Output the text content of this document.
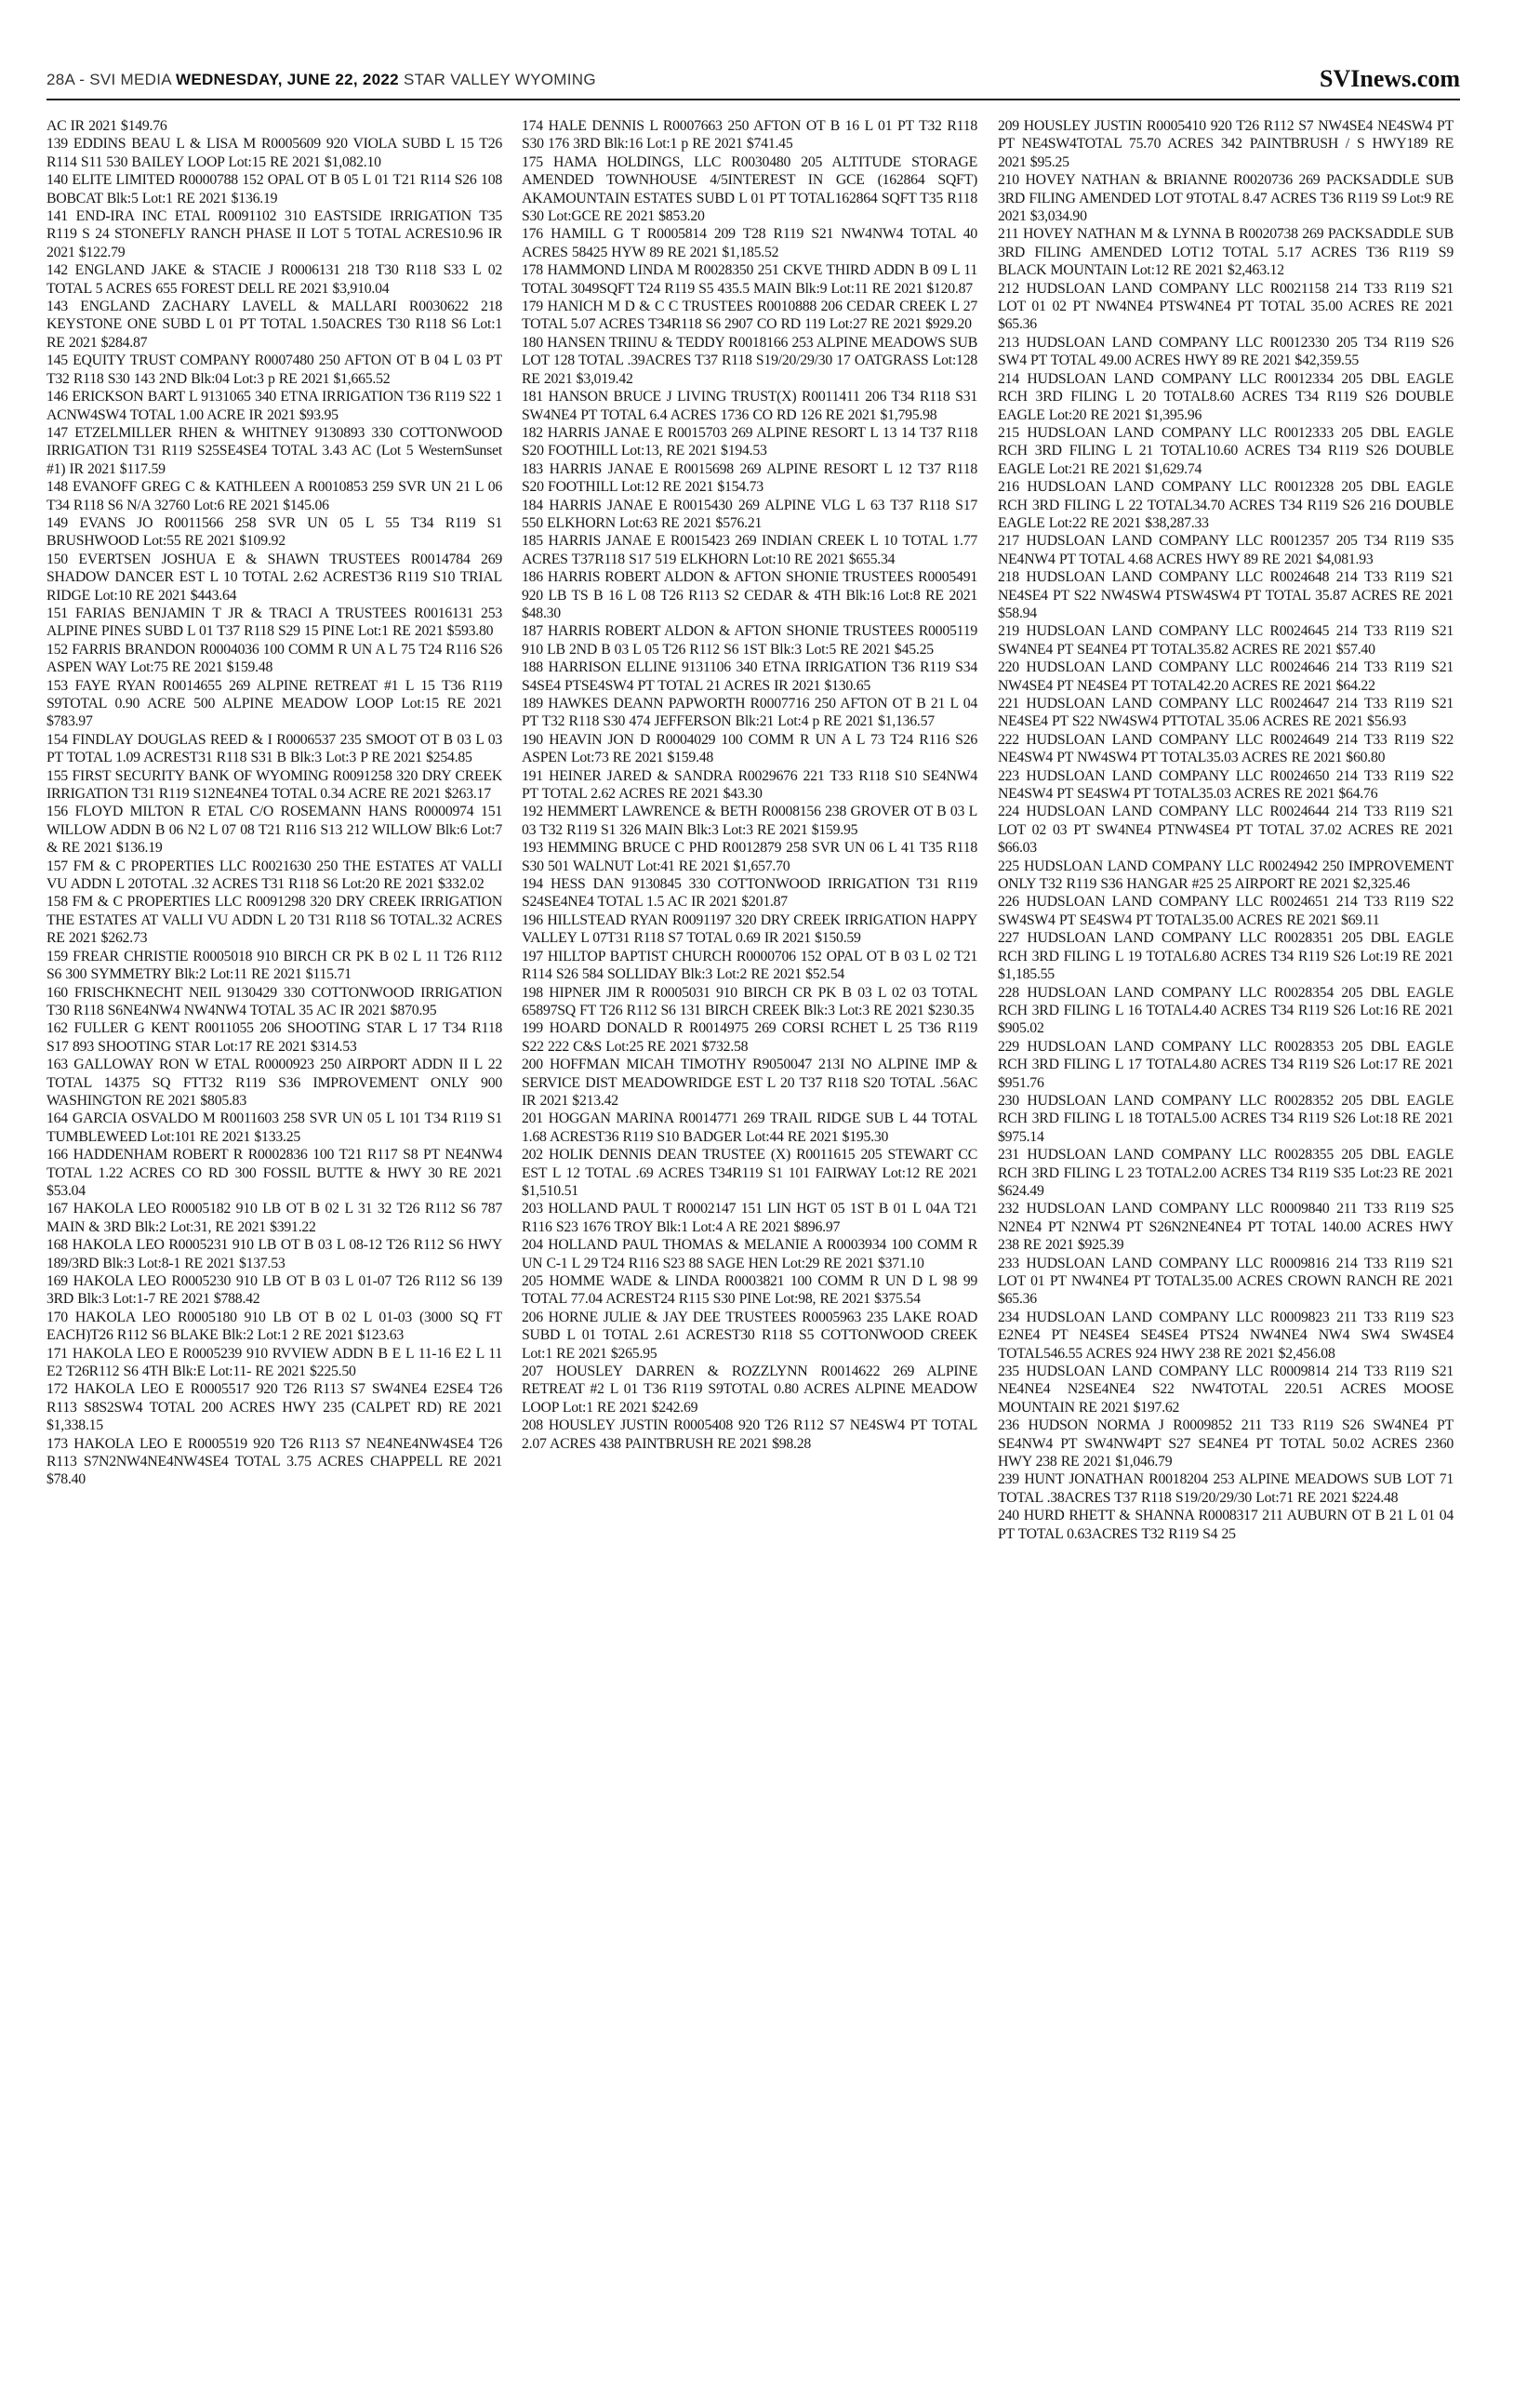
28A - SVI MEDIA WEDNESDAY, JUNE 22, 2022 STAR VALLEY WYOMING	SVInews.com

AC IR 2021 $149.76

139 EDDINS BEAU L & LISA M R0005609 920 VIOLA SUBD L 15 T26 R114 S11 530 BAILEY LOOP Lot:15 RE 2021 $1,082.10

140 ELITE LIMITED R0000788 152 OPAL OT B 05 L 01 T21 R114 S26 108 BOBCAT Blk:5 Lot:1 RE 2021 $136.19

141 END-IRA INC ETAL R0091102 310 EASTSIDE IRRIGATION T35 R119 S 24 STONEFLY RANCH PHASE II LOT 5 TOTAL ACRES10.96 IR 2021 $122.79

142 ENGLAND JAKE & STACIE J R0006131 218 T30 R118 S33 L 02 TOTAL 5 ACRES 655 FOREST DELL RE 2021 $3,910.04

143 ENGLAND ZACHARY LAVELL & MALLARI R0030622 218 KEYSTONE ONE SUBD L 01 PT TOTAL 1.50ACRES T30 R118 S6 Lot:1 RE 2021 $284.87

145 EQUITY TRUST COMPANY R0007480 250 AFTON OT B 04 L 03 PT T32 R118 S30 143 2ND Blk:04 Lot:3 p RE 2021 $1,665.52

146 ERICKSON BART L 9131065 340 ETNA IRRIGATION T36 R119 S22 1 ACNW4SW4 TOTAL 1.00 ACRE IR 2021 $93.95

147 ETZELMILLER RHEN & WHITNEY 9130893 330 COTTONWOOD IRRIGATION T31 R119 S25SE4SE4 TOTAL 3.43 AC (Lot 5 WesternSunset #1) IR 2021 $117.59

148 EVANOFF GREG C & KATHLEEN A R0010853 259 SVR UN 21 L 06 T34 R118 S6 N/A 32760 Lot:6 RE 2021 $145.06

149 EVANS JO R0011566 258 SVR UN 05 L 55 T34 R119 S1 BRUSHWOOD Lot:55 RE 2021 $109.92

150 EVERTSEN JOSHUA E & SHAWN TRUSTEES R0014784 269 SHADOW DANCER EST L 10 TOTAL 2.62 ACREST36 R119 S10 TRIAL RIDGE Lot:10 RE 2021 $443.64

151 FARIAS BENJAMIN T JR & TRACI A TRUSTEES R0016131 253 ALPINE PINES SUBD L 01 T37 R118 S29 15 PINE Lot:1 RE 2021 $593.80

152 FARRIS BRANDON R0004036 100 COMM R UN A L 75 T24 R116 S26 ASPEN WAY Lot:75 RE 2021 $159.48

153 FAYE RYAN R0014655 269 ALPINE RETREAT #1 L 15 T36 R119 S9TOTAL 0.90 ACRE 500 ALPINE MEADOW LOOP Lot:15 RE 2021 $783.97

154 FINDLAY DOUGLAS REED & I R0006537 235 SMOOT OT B 03 L 03 PT TOTAL 1.09 ACREST31 R118 S31 B Blk:3 Lot:3 P RE 2021 $254.85

155 FIRST SECURITY BANK OF WYOMING R0091258 320 DRY CREEK IRRIGATION T31 R119 S12NE4NE4 TOTAL 0.34 ACRE RE 2021 $263.17

156 FLOYD MILTON R ETAL C/O ROSEMANN HANS R0000974 151 WILLOW ADDN B 06 N2 L 07 08 T21 R116 S13 212 WILLOW Blk:6 Lot:7 & RE 2021 $136.19

157 FM & C PROPERTIES LLC R0021630 250 THE ESTATES AT VALLI VU ADDN L 20TOTAL .32 ACRES T31 R118 S6 Lot:20 RE 2021 $332.02

158 FM & C PROPERTIES LLC R0091298 320 DRY CREEK IRRIGATION THE ESTATES AT VALLI VU ADDN L 20 T31 R118 S6 TOTAL.32 ACRES RE 2021 $262.73

159 FREAR CHRISTIE R0005018 910 BIRCH CR PK B 02 L 11 T26 R112 S6 300 SYMMETRY Blk:2 Lot:11 RE 2021 $115.71

160 FRISCHKNECHT NEIL 9130429 330 COTTONWOOD IRRIGATION T30 R118 S6NE4NW4 NW4NW4 TOTAL 35 AC IR 2021 $870.95

162 FULLER G KENT R0011055 206 SHOOTING STAR L 17 T34 R118 S17 893 SHOOTING STAR Lot:17 RE 2021 $314.53

163 GALLOWAY RON W ETAL R0000923 250 AIRPORT ADDN II L 22 TOTAL 14375 SQ FTT32 R119 S36 IMPROVEMENT ONLY 900 WASHINGTON RE 2021 $805.83

164 GARCIA OSVALDO M R0011603 258 SVR UN 05 L 101 T34 R119 S1 TUMBLEWEED Lot:101 RE 2021 $133.25

166 HADDENHAM ROBERT R R0002836 100 T21 R117 S8 PT NE4NW4 TOTAL 1.22 ACRES CO RD 300 FOSSIL BUTTE & HWY 30 RE 2021 $53.04

167 HAKOLA LEO R0005182 910 LB OT B 02 L 31 32 T26 R112 S6 787 MAIN & 3RD Blk:2 Lot:31, RE 2021 $391.22

168 HAKOLA LEO R0005231 910 LB OT B 03 L 08-12 T26 R112 S6 HWY 189/3RD Blk:3 Lot:8-1 RE 2021 $137.53

169 HAKOLA LEO R0005230 910 LB OT B 03 L 01-07 T26 R112 S6 139 3RD Blk:3 Lot:1-7 RE 2021 $788.42

170 HAKOLA LEO R0005180 910 LB OT B 02 L 01-03 (3000 SQ FT EACH)T26 R112 S6 BLAKE Blk:2 Lot:1 2 RE 2021 $123.63

171 HAKOLA LEO E R0005239 910 RVVIEW ADDN B E L 11-16 E2 L 11 E2 T26R112 S6 4TH Blk:E Lot:11- RE 2021 $225.50

172 HAKOLA LEO E R0005517 920 T26 R113 S7 SW4NE4 E2SE4 T26 R113 S8S2SW4 TOTAL 200 ACRES HWY 235 (CALPET RD) RE 2021 $1,338.15

173 HAKOLA LEO E R0005519 920 T26 R113 S7 NE4NE4NW4SE4 T26 R113 S7N2NW4NE4NW4SE4 TOTAL 3.75 ACRES CHAPPELL RE 2021 $78.40

174 HALE DENNIS L R0007663 250 AFTON OT B 16 L 01 PT T32 R118 S30 176 3RD Blk:16 Lot:1 p RE 2021 $741.45

175 HAMA HOLDINGS, LLC R0030480 205 ALTITUDE STORAGE AMENDED TOWNHOUSE 4/5INTEREST IN GCE (162864 SQFT) AKAMOUNTAIN ESTATES SUBD L 01 PT TOTAL162864 SQFT T35 R118 S30 Lot:GCE RE 2021 $853.20

176 HAMILL G T R0005814 209 T28 R119 S21 NW4NW4 TOTAL 40 ACRES 58425 HYW 89 RE 2021 $1,185.52

178 HAMMOND LINDA M R0028350 251 CKVE THIRD ADDN B 09 L 11 TOTAL 3049SQFT T24 R119 S5 435.5 MAIN Blk:9 Lot:11 RE 2021 $120.87

179 HANICH M D & C C TRUSTEES R0010888 206 CEDAR CREEK L 27 TOTAL 5.07 ACRES T34R118 S6 2907 CO RD 119 Lot:27 RE 2021 $929.20

180 HANSEN TRIINU & TEDDY R0018166 253 ALPINE MEADOWS SUB LOT 128 TOTAL .39ACRES T37 R118 S19/20/29/30 17 OATGRASS Lot:128 RE 2021 $3,019.42

181 HANSON BRUCE J LIVING TRUST(X) R0011411 206 T34 R118 S31 SW4NE4 PT TOTAL 6.4 ACRES 1736 CO RD 126 RE 2021 $1,795.98

182 HARRIS JANAE E R0015703 269 ALPINE RESORT L 13 14 T37 R118 S20 FOOTHILL Lot:13, RE 2021 $194.53

183 HARRIS JANAE E R0015698 269 ALPINE RESORT L 12 T37 R118 S20 FOOTHILL Lot:12 RE 2021 $154.73

184 HARRIS JANAE E R0015430 269 ALPINE VLG L 63 T37 R118 S17 550 ELKHORN Lot:63 RE 2021 $576.21

185 HARRIS JANAE E R0015423 269 INDIAN CREEK L 10 TOTAL 1.77 ACRES T37R118 S17 519 ELKHORN Lot:10 RE 2021 $655.34

186 HARRIS ROBERT ALDON & AFTON SHONIE TRUSTEES R0005491 920 LB TS B 16 L 08 T26 R113 S2 CEDAR & 4TH Blk:16 Lot:8 RE 2021 $48.30

187 HARRIS ROBERT ALDON & AFTON SHONIE TRUSTEES R0005119 910 LB 2ND B 03 L 05 T26 R112 S6 1ST Blk:3 Lot:5 RE 2021 $45.25

188 HARRISON ELLINE 9131106 340 ETNA IRRIGATION T36 R119 S34 S4SE4 PTSE4SW4 PT TOTAL 21 ACRES IR 2021 $130.65

189 HAWKES DEANN PAPWORTH R0007716 250 AFTON OT B 21 L 04 PT T32 R118 S30 474 JEFFERSON Blk:21 Lot:4 p RE 2021 $1,136.57

190 HEAVIN JON D R0004029 100 COMM R UN A L 73 T24 R116 S26 ASPEN Lot:73 RE 2021 $159.48

191 HEINER JARED & SANDRA R0029676 221 T33 R118 S10 SE4NW4 PT TOTAL 2.62 ACRES RE 2021 $43.30

192 HEMMERT LAWRENCE & BETH R0008156 238 GROVER OT B 03 L 03 T32 R119 S1 326 MAIN Blk:3 Lot:3 RE 2021 $159.95

193 HEMMING BRUCE C PHD R0012879 258 SVR UN 06 L 41 T35 R118 S30 501 WALNUT Lot:41 RE 2021 $1,657.70

194 HESS DAN 9130845 330 COTTONWOOD IRRIGATION T31 R119 S24SE4NE4 TOTAL 1.5 AC IR 2021 $201.87

196 HILLSTEAD RYAN R0091197 320 DRY CREEK IRRIGATION HAPPY VALLEY L 07T31 R118 S7 TOTAL 0.69 IR 2021 $150.59

197 HILLTOP BAPTIST CHURCH R0000706 152 OPAL OT B 03 L 02 T21 R114 S26 584 SOLLIDAY Blk:3 Lot:2 RE 2021 $52.54

198 HIPNER JIM R R0005031 910 BIRCH CR PK B 03 L 02 03 TOTAL 65897SQ FT T26 R112 S6 131 BIRCH CREEK Blk:3 Lot:3 RE 2021 $230.35

199 HOARD DONALD R R0014975 269 CORSI RCHET L 25 T36 R119 S22 222 C&S Lot:25 RE 2021 $732.58

200 HOFFMAN MICAH TIMOTHY R9050047 213I NO ALPINE IMP & SERVICE DIST MEADOWRIDGE EST L 20 T37 R118 S20 TOTAL .56AC IR 2021 $213.42

201 HOGGAN MARINA R0014771 269 TRAIL RIDGE SUB L 44 TOTAL 1.68 ACREST36 R119 S10 BADGER Lot:44 RE 2021 $195.30

202 HOLIK DENNIS DEAN TRUSTEE (X) R0011615 205 STEWART CC EST L 12 TOTAL .69 ACRES T34R119 S1 101 FAIRWAY Lot:12 RE 2021 $1,510.51

203 HOLLAND PAUL T R0002147 151 LIN HGT 05 1ST B 01 L 04A T21 R116 S23 1676 TROY Blk:1 Lot:4 A RE 2021 $896.97

204 HOLLAND PAUL THOMAS & MELANIE A R0003934 100 COMM R UN C-1 L 29 T24 R116 S23 88 SAGE HEN Lot:29 RE 2021 $371.10

205 HOMME WADE & LINDA R0003821 100 COMM R UN D L 98 99 TOTAL 77.04 ACREST24 R115 S30 PINE Lot:98, RE 2021 $375.54

206 HORNE JULIE & JAY DEE TRUSTEES R0005963 235 LAKE ROAD SUBD L 01 TOTAL 2.61 ACREST30 R118 S5 COTTONWOOD CREEK Lot:1 RE 2021 $265.95

207 HOUSLEY DARREN & ROZZLYNN R0014622 269 ALPINE RETREAT #2 L 01 T36 R119 S9TOTAL 0.80 ACRES ALPINE MEADOW LOOP Lot:1 RE 2021 $242.69

208 HOUSLEY JUSTIN R0005408 920 T26 R112 S7 NE4SW4 PT TOTAL 2.07 ACRES 438 PAINTBRUSH RE 2021 $98.28

209 HOUSLEY JUSTIN R0005410 920 T26 R112 S7 NW4SE4 NE4SW4 PT PT NE4SW4TOTAL 75.70 ACRES 342 PAINTBRUSH / S HWY189 RE 2021 $95.25

210 HOVEY NATHAN & BRIANNE R0020736 269 PACKSADDLE SUB 3RD FILING AMENDED LOT 9TOTAL 8.47 ACRES T36 R119 S9 Lot:9 RE 2021 $3,034.90

211 HOVEY NATHAN M & LYNNA B R0020738 269 PACKSADDLE SUB 3RD FILING AMENDED LOT12 TOTAL 5.17 ACRES T36 R119 S9 BLACK MOUNTAIN Lot:12 RE 2021 $2,463.12

212 HUDSLOAN LAND COMPANY LLC R0021158 214 T33 R119 S21 LOT 01 02 PT NW4NE4 PTSW4NE4 PT TOTAL 35.00 ACRES RE 2021 $65.36

213 HUDSLOAN LAND COMPANY LLC R0012330 205 T34 R119 S26 SW4 PT TOTAL 49.00 ACRES HWY 89 RE 2021 $42,359.55

214 HUDSLOAN LAND COMPANY LLC R0012334 205 DBL EAGLE RCH 3RD FILING L 20 TOTAL8.60 ACRES T34 R119 S26 DOUBLE EAGLE Lot:20 RE 2021 $1,395.96

215 HUDSLOAN LAND COMPANY LLC R0012333 205 DBL EAGLE RCH 3RD FILING L 21 TOTAL10.60 ACRES T34 R119 S26 DOUBLE EAGLE Lot:21 RE 2021 $1,629.74

216 HUDSLOAN LAND COMPANY LLC R0012328 205 DBL EAGLE RCH 3RD FILING L 22 TOTAL34.70 ACRES T34 R119 S26 216 DOUBLE EAGLE Lot:22 RE 2021 $38,287.33

217 HUDSLOAN LAND COMPANY LLC R0012357 205 T34 R119 S35 NE4NW4 PT TOTAL 4.68 ACRES HWY 89 RE 2021 $4,081.93

218 HUDSLOAN LAND COMPANY LLC R0024648 214 T33 R119 S21 NE4SE4 PT S22 NW4SW4 PTSW4SW4 PT TOTAL 35.87 ACRES RE 2021 $58.94

219 HUDSLOAN LAND COMPANY LLC R0024645 214 T33 R119 S21 SW4NE4 PT SE4NE4 PT TOTAL35.82 ACRES RE 2021 $57.40

220 HUDSLOAN LAND COMPANY LLC R0024646 214 T33 R119 S21 NW4SE4 PT NE4SE4 PT TOTAL42.20 ACRES RE 2021 $64.22

221 HUDSLOAN LAND COMPANY LLC R0024647 214 T33 R119 S21 NE4SE4 PT S22 NW4SW4 PTTOTAL 35.06 ACRES RE 2021 $56.93

222 HUDSLOAN LAND COMPANY LLC R0024649 214 T33 R119 S22 NE4SW4 PT NW4SW4 PT TOTAL35.03 ACRES RE 2021 $60.80

223 HUDSLOAN LAND COMPANY LLC R0024650 214 T33 R119 S22 NE4SW4 PT SE4SW4 PT TOTAL35.03 ACRES RE 2021 $64.76

224 HUDSLOAN LAND COMPANY LLC R0024644 214 T33 R119 S21 LOT 02 03 PT SW4NE4 PTNW4SE4 PT TOTAL 37.02 ACRES RE 2021 $66.03

225 HUDSLOAN LAND COMPANY LLC R0024942 250 IMPROVEMENT ONLY T32 R119 S36 HANGAR #25 25 AIRPORT RE 2021 $2,325.46

226 HUDSLOAN LAND COMPANY LLC R0024651 214 T33 R119 S22 SW4SW4 PT SE4SW4 PT TOTAL35.00 ACRES RE 2021 $69.11

227 HUDSLOAN LAND COMPANY LLC R0028351 205 DBL EAGLE RCH 3RD FILING L 19 TOTAL6.80 ACRES T34 R119 S26 Lot:19 RE 2021 $1,185.55

228 HUDSLOAN LAND COMPANY LLC R0028354 205 DBL EAGLE RCH 3RD FILING L 16 TOTAL4.40 ACRES T34 R119 S26 Lot:16 RE 2021 $905.02

229 HUDSLOAN LAND COMPANY LLC R0028353 205 DBL EAGLE RCH 3RD FILING L 17 TOTAL4.80 ACRES T34 R119 S26 Lot:17 RE 2021 $951.76

230 HUDSLOAN LAND COMPANY LLC R0028352 205 DBL EAGLE RCH 3RD FILING L 18 TOTAL5.00 ACRES T34 R119 S26 Lot:18 RE 2021 $975.14

231 HUDSLOAN LAND COMPANY LLC R0028355 205 DBL EAGLE RCH 3RD FILING L 23 TOTAL2.00 ACRES T34 R119 S35 Lot:23 RE 2021 $624.49

232 HUDSLOAN LAND COMPANY LLC R0009840 211 T33 R119 S25 N2NE4 PT N2NW4 PT S26N2NE4NE4 PT TOTAL 140.00 ACRES HWY 238 RE 2021 $925.39

233 HUDSLOAN LAND COMPANY LLC R0009816 214 T33 R119 S21 LOT 01 PT NW4NE4 PT TOTAL35.00 ACRES CROWN RANCH RE 2021 $65.36

234 HUDSLOAN LAND COMPANY LLC R0009823 211 T33 R119 S23 E2NE4 PT NE4SE4 SE4SE4 PTS24 NW4NE4 NW4 SW4 SW4SE4 TOTAL546.55 ACRES 924 HWY 238 RE 2021 $2,456.08

235 HUDSLOAN LAND COMPANY LLC R0009814 214 T33 R119 S21 NE4NE4 N2SE4NE4 S22 NW4TOTAL 220.51 ACRES MOOSE MOUNTAIN RE 2021 $197.62

236 HUDSON NORMA J R0009852 211 T33 R119 S26 SW4NE4 PT SE4NW4 PT SW4NW4PT S27 SE4NE4 PT TOTAL 50.02 ACRES 2360 HWY 238 RE 2021 $1,046.79

239 HUNT JONATHAN R0018204 253 ALPINE MEADOWS SUB LOT 71 TOTAL .38ACRES T37 R118 S19/20/29/30 Lot:71 RE 2021 $224.48

240 HURD RHETT & SHANNA R0008317 211 AUBURN OT B 21 L 01 04 PT TOTAL 0.63ACRES T32 R119 S4 25
